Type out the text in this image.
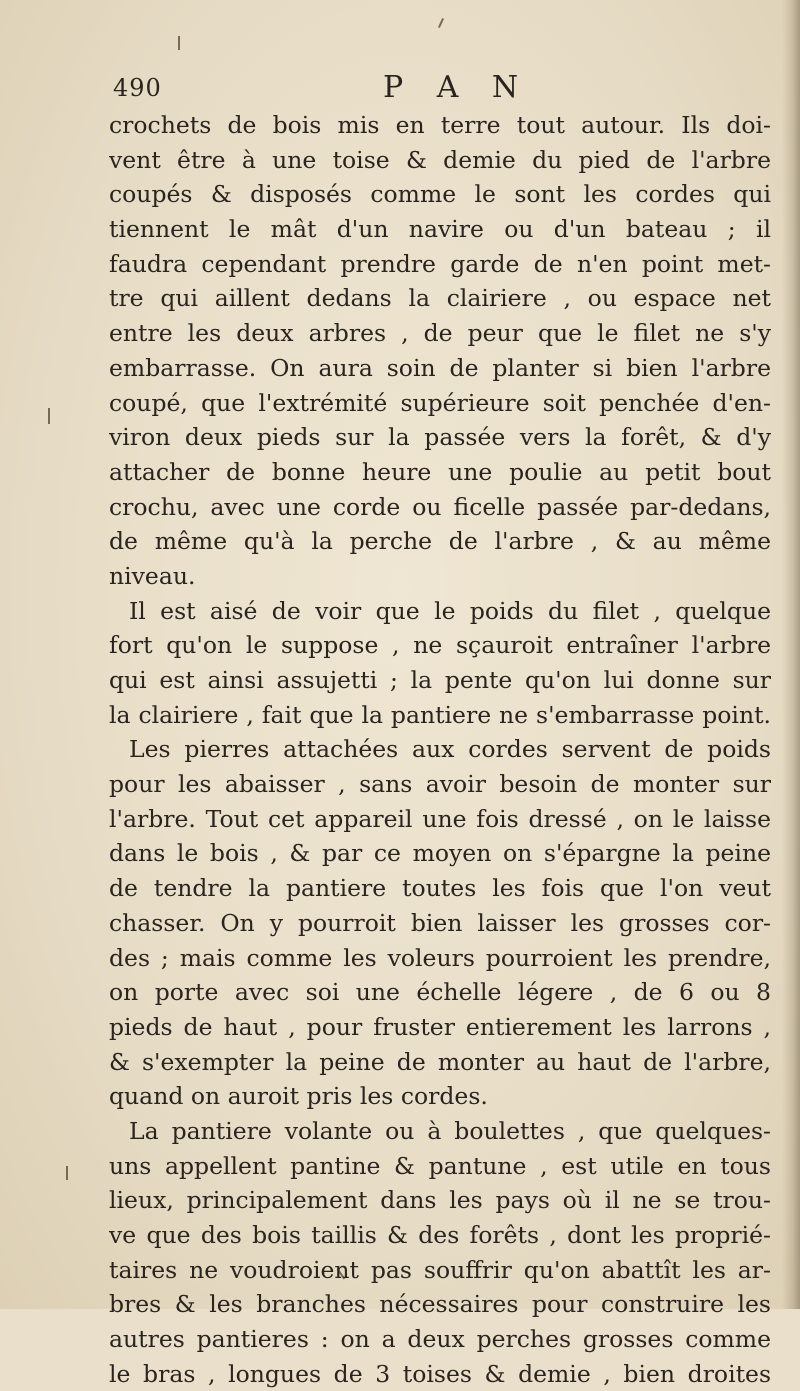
490	P A N
crochets de bois mis en terre tout autour. Ils doi-
vent être à une toise & demie du pied de l'arbre
coupés & disposés comme le sont les cordes qui
tiennent le mât d'un navire ou d'un bateau ; il
faudra cependant prendre garde de n'en point met-
tre qui aillent dedans la clairiere , ou espace net
entre les deux arbres , de peur que le filet ne s'y
embarrasse. On aura soin de planter si bien l'arbre
coupé, que l'extrémité supérieure soit penchée d'en-
viron deux pieds sur la passée vers la forêt, & d'y
attacher de bonne heure une poulie au petit bout
crochu, avec une corde ou ficelle passée par-dedans,
de même qu'à la perche de l'arbre , & au même
niveau.
Il est aisé de voir que le poids du filet , quelque
fort qu'on le suppose , ne sçauroit entraîner l'arbre
qui est ainsi assujetti ; la pente qu'on lui donne sur
la clairiere , fait que la pantiere ne s'embarrasse point.
Les pierres attachées aux cordes servent de poids
pour les abaisser , sans avoir besoin de monter sur
l'arbre. Tout cet appareil une fois dressé , on le laisse
dans le bois , & par ce moyen on s'épargne la peine
de tendre la pantiere toutes les fois que l'on veut
chasser. On y pourroit bien laisser les grosses cor-
des ; mais comme les voleurs pourroient les prendre,
on porte avec soi une échelle légere , de 6 ou 8
pieds de haut , pour fruster entierement les larrons ,
& s'exempter la peine de monter au haut de l'arbre,
quand on auroit pris les cordes.
La pantiere volante ou à boulettes , que quelques-
uns appellent pantine & pantune , est utile en tous
lieux, principalement dans les pays où il ne se trou-
ve que des bois taillis & des forêts , dont les proprié-
taires ne voudroient pas souffrir qu'on abattît les ar-
bres & les branches nécessaires pour construire les
autres pantieres : on a deux perches grosses comme
le bras , longues de 3 toises & demie , bien droites
